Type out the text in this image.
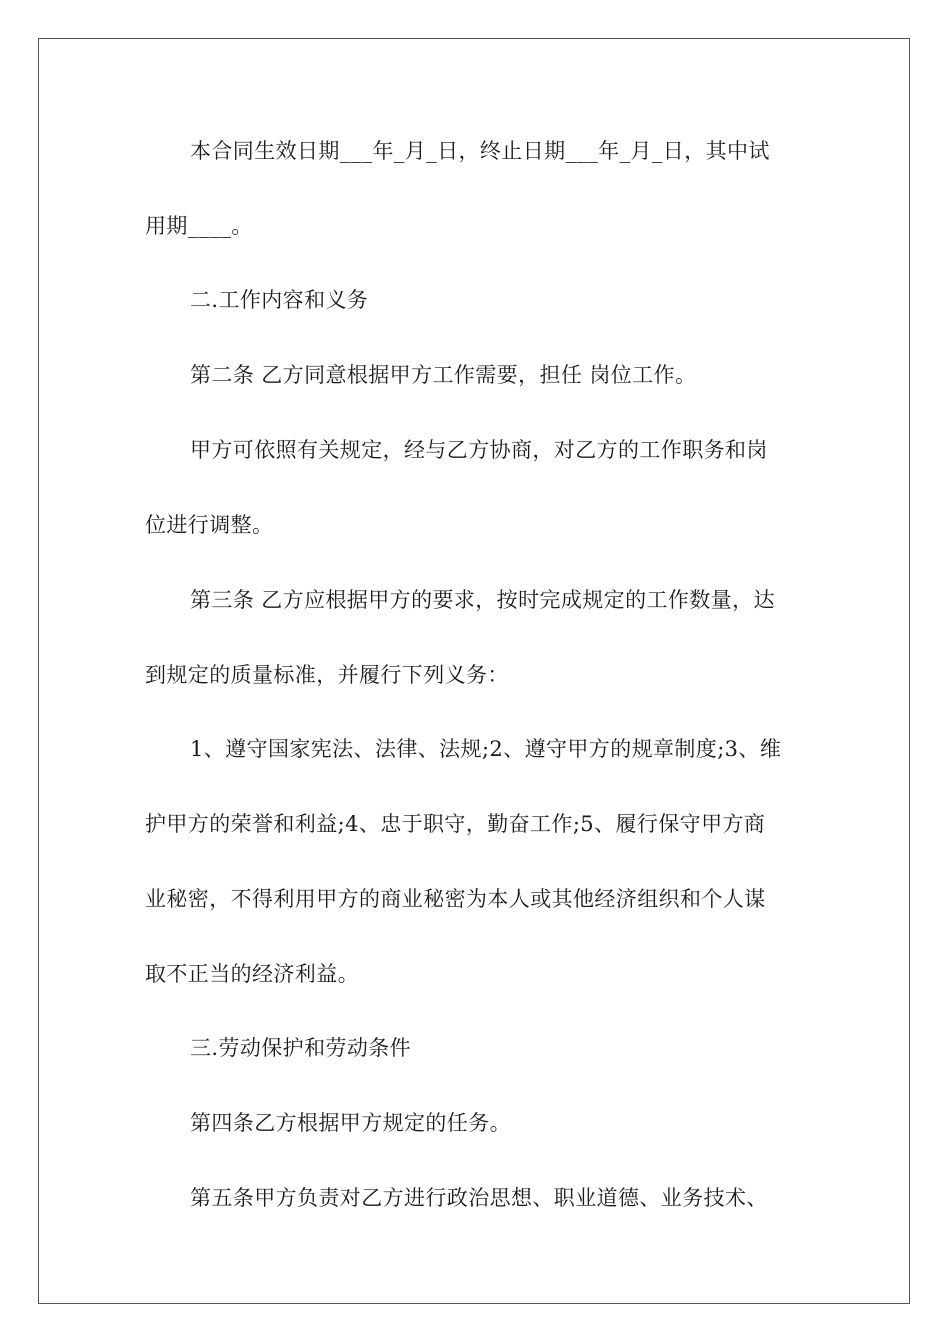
本合同生效日期___年_月_日，终止日期___年_月_日，其中试
用期____。
二.工作内容和义务
第二条 乙方同意根据甲方工作需要，担任 岗位工作。
甲方可依照有关规定，经与乙方协商，对乙方的工作职务和岗
位进行调整。
第三条 乙方应根据甲方的要求，按时完成规定的工作数量，达
到规定的质量标准，并履行下列义务：
1、遵守国家宪法、法律、法规;2、遵守甲方的规章制度;3、维
护甲方的荣誉和利益;4、忠于职守，勤奋工作;5、履行保守甲方商
业秘密，不得利用甲方的商业秘密为本人或其他经济组织和个人谋
取不正当的经济利益。
三.劳动保护和劳动条件
第四条乙方根据甲方规定的任务。
第五条甲方负责对乙方进行政治思想、职业道德、业务技术、
